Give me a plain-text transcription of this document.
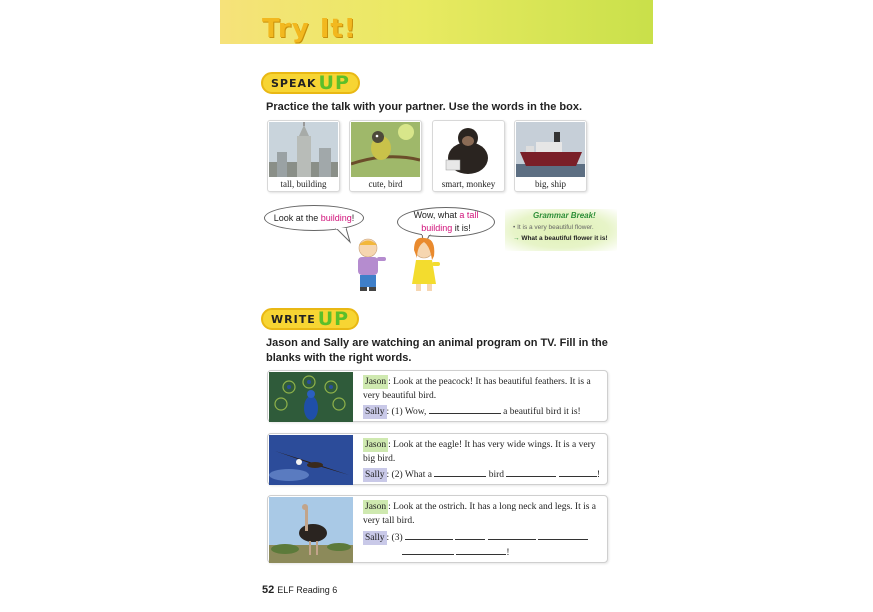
Try It!
SPEAK UP
Practice the talk with your partner. Use the words in the box.
tall, building	cute, bird	smart, monkey	big, ship
Look at the building!	Wow, what a tall building it is!
Grammar Break!
• It is a very beautiful flower.
→ What a beautiful flower it is!
WRITE UP
Jason and Sally are watching an animal program on TV. Fill in the blanks with the right words.
Jason : Look at the peacock! It has beautiful feathers. It is a very beautiful bird.
Sally : (1) Wow,	a beautiful bird it is!
Jason : Look at the eagle! It has very wide wings. It is a very big bird.
Sally : (2) What a	bird	!
Jason : Look at the ostrich. It has a long neck and legs. It is a very tall bird.
Sally : (3)
!
52 ELF Reading 6
